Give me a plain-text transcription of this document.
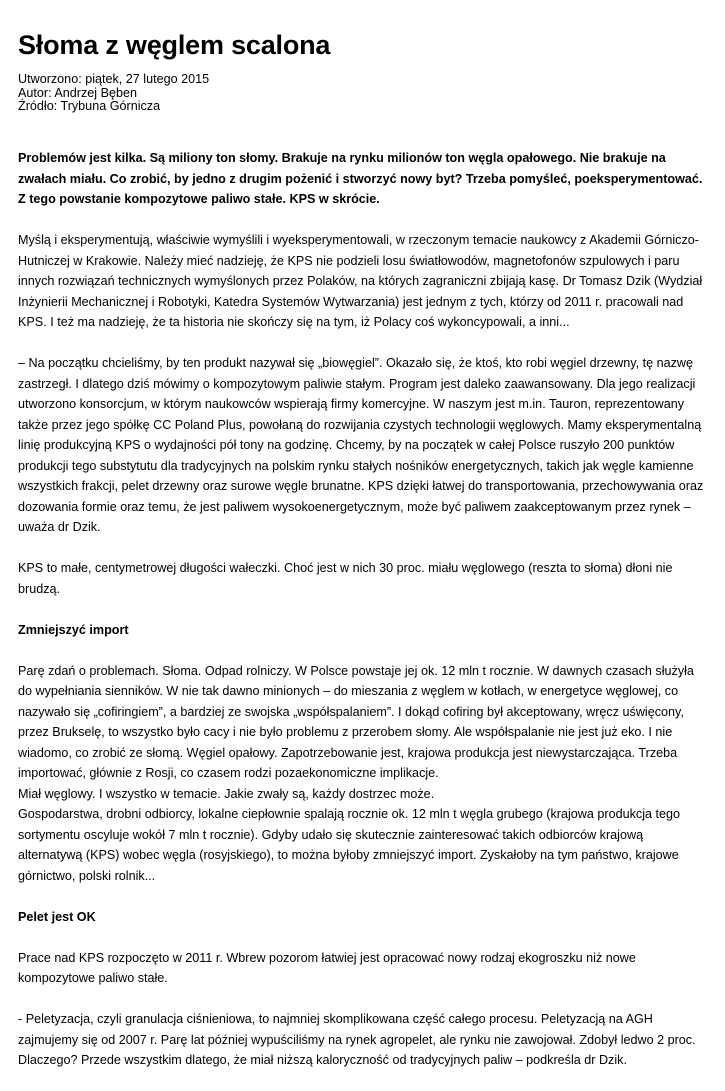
Słoma z węglem scalona
Utworzono: piątek, 27 lutego 2015
Autor: Andrzej Bęben
Źródło: Trybuna Górnicza

Problemów jest kilka. Są miliony ton słomy. Brakuje na rynku milionów ton węgla opałowego. Nie brakuje na zwałach miału. Co zrobić, by jedno z drugim pożenić i stworzyć nowy byt? Trzeba pomyśleć, poeksperymentować. Z tego powstanie kompozytowe paliwo stałe. KPS w skrócie.

Myślą i eksperymentują, właściwie wymyślili i wyeksperymentowali, w rzeczonym temacie naukowcy z Akademii Górniczo-Hutniczej w Krakowie. Należy mieć nadzieję, że KPS nie podzieli losu światłowodów, magnetofonów szpulowych i paru innych rozwiązań technicznych wymyślonych przez Polaków, na których zagraniczni zbijają kasę. Dr Tomasz Dzik (Wydział Inżynierii Mechanicznej i Robotyki, Katedra Systemów Wytwarzania) jest jednym z tych, którzy od 2011 r. pracowali nad KPS. I też ma nadzieję, że ta historia nie skończy się na tym, iż Polacy coś wykoncypowali, a inni...

– Na początku chcieliśmy, by ten produkt nazywał się „biowęgiel”. Okazało się, że ktoś, kto robi węgiel drzewny, tę nazwę zastrzegł. I dlatego dziś mówimy o kompozytowym paliwie stałym. Program jest daleko zaawansowany. Dla jego realizacji utworzono konsorcjum, w którym naukowców wspierają firmy komercyjne. W naszym jest m.in. Tauron, reprezentowany także przez jego spółkę CC Poland Plus, powołaną do rozwijania czystych technologii węglowych. Mamy eksperymentalną linię produkcyjną KPS o wydajności pół tony na godzinę. Chcemy, by na początek w całej Polsce ruszyło 200 punktów produkcji tego substytutu dla tradycyjnych na polskim rynku stałych nośników energetycznych, takich jak węgle kamienne wszystkich frakcji, pelet drzewny oraz surowe węgle brunatne. KPS dzięki łatwej do transportowania, przechowywania oraz dozowania formie oraz temu, że jest paliwem wysokoenergetycznym, może być paliwem zaakceptowanym przez rynek – uważa dr Dzik.

KPS to małe, centymetrowej długości wałeczki. Choć jest w nich 30 proc. miału węglowego (reszta to słoma) dłoni nie brudzą.

Zmniejszyć import

Parę zdań o problemach. Słoma. Odpad rolniczy. W Polsce powstaje jej ok. 12 mln t rocznie. W dawnych czasach służyła do wypełniania sienników. W nie tak dawno minionych – do mieszania z węglem w kotłach, w energetyce węglowej, co nazywało się „cofiringiem”, a bardziej ze swojska „współspalaniem”. I dokąd cofiring był akceptowany, wręcz uświęcony, przez Brukselę, to wszystko było cacy i nie było problemu z przerobem słomy. Ale współspalanie nie jest już eko. I nie wiadomo, co zrobić ze słomą. Węgiel opałowy. Zapotrzebowanie jest, krajowa produkcja jest niewystarczająca. Trzeba importować, głównie z Rosji, co czasem rodzi pozaekonomiczne implikacje.

Miał węglowy. I wszystko w temacie. Jakie zwały są, każdy dostrzec może.

Gospodarstwa, drobni odbiorcy, lokalne ciepłownie spalają rocznie ok. 12 mln t węgla grubego (krajowa produkcja tego sortymentu oscyluje wokół 7 mln t rocznie). Gdyby udało się skutecznie zainteresować takich odbiorców krajową alternatywą (KPS) wobec węgla (rosyjskiego), to można byłoby zmniejszyć import. Zyskałoby na tym państwo, krajowe górnictwo, polski rolnik...

Pelet jest OK

Prace nad KPS rozpoczęto w 2011 r. Wbrew pozorom łatwiej jest opracować nowy rodzaj ekogroszku niż nowe kompozytowe paliwo stałe.

- Peletyzacja, czyli granulacja ciśnieniowa, to najmniej skomplikowana część całego procesu. Peletyzacją na AGH zajmujemy się od 2007 r. Parę lat później wypuściliśmy na rynek agropelet, ale rynku nie zawojował. Zdobył ledwo 2 proc. Dlaczego? Przede wszystkim dlatego, że miał niższą kaloryczność od tradycyjnych paliw – podkreśla dr Dzik.
